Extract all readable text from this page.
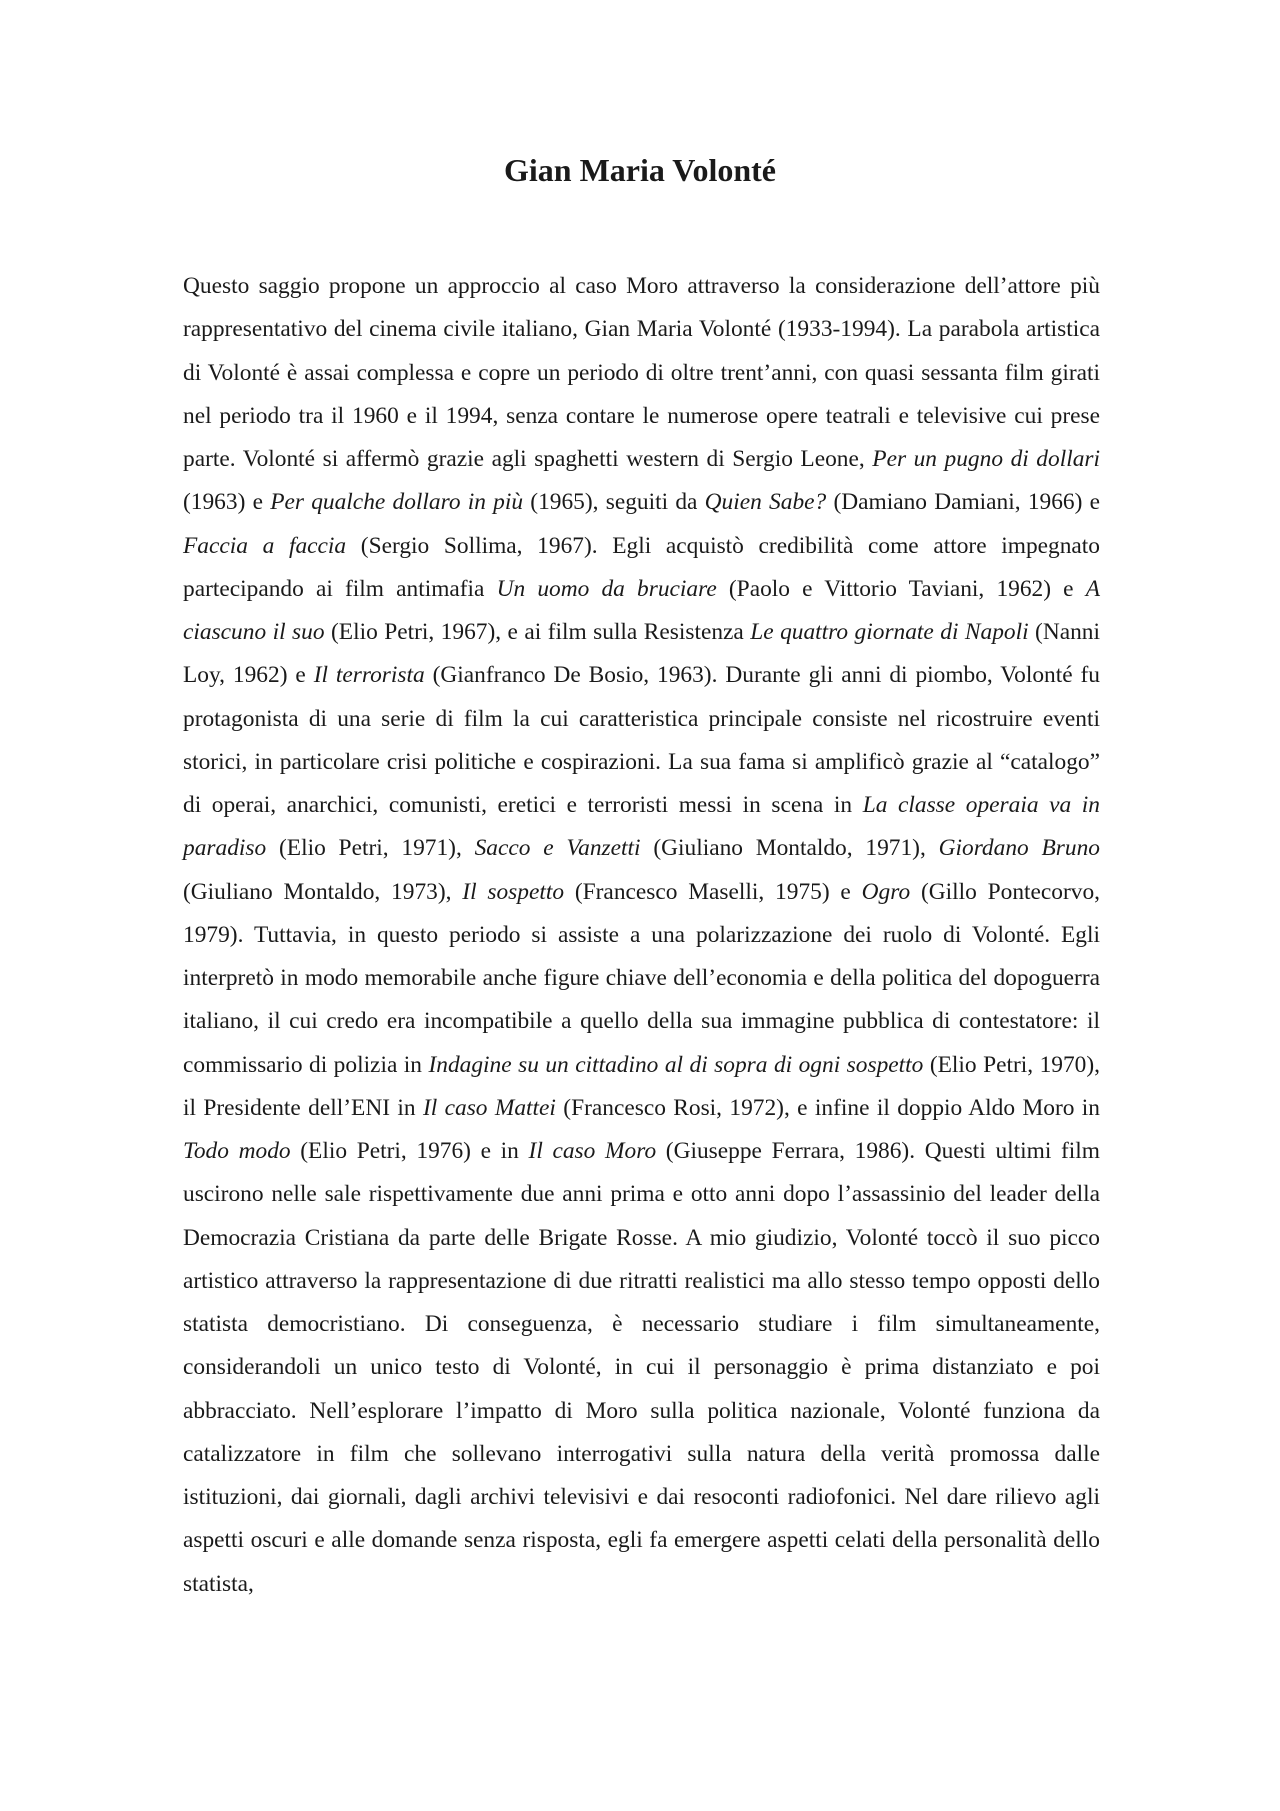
Gian Maria Volonté

Questo saggio propone un approccio al caso Moro attraverso la considerazione dell’attore più rappresentativo del cinema civile italiano, Gian Maria Volonté (1933-1994). La parabola artistica di Volonté è assai complessa e copre un periodo di oltre trent’anni, con quasi sessanta film girati nel periodo tra il 1960 e il 1994, senza contare le numerose opere teatrali e televisive cui prese parte. Volonté si affermò grazie agli spaghetti western di Sergio Leone, Per un pugno di dollari (1963) e Per qualche dollaro in più (1965), seguiti da Quien Sabe? (Damiano Damiani, 1966) e Faccia a faccia (Sergio Sollima, 1967). Egli acquistò credibilità come attore impegnato partecipando ai film antimafia Un uomo da bruciare (Paolo e Vittorio Taviani, 1962) e A ciascuno il suo (Elio Petri, 1967), e ai film sulla Resistenza Le quattro giornate di Napoli (Nanni Loy, 1962) e Il terrorista (Gianfranco De Bosio, 1963). Durante gli anni di piombo, Volonté fu protagonista di una serie di film la cui caratteristica principale consiste nel ricostruire eventi storici, in particolare crisi politiche e cospirazioni. La sua fama si amplificò grazie al “catalogo” di operai, anarchici, comunisti, eretici e terroristi messi in scena in La classe operaia va in paradiso (Elio Petri, 1971), Sacco e Vanzetti (Giuliano Montaldo, 1971), Giordano Bruno (Giuliano Montaldo, 1973), Il sospetto (Francesco Maselli, 1975) e Ogro (Gillo Pontecorvo, 1979). Tuttavia, in questo periodo si assiste a una polarizzazione dei ruolo di Volonté. Egli interpretò in modo memorabile anche figure chiave dell’economia e della politica del dopoguerra italiano, il cui credo era incompatibile a quello della sua immagine pubblica di contestatore: il commissario di polizia in Indagine su un cittadino al di sopra di ogni sospetto (Elio Petri, 1970), il Presidente dell’ENI in Il caso Mattei (Francesco Rosi, 1972), e infine il doppio Aldo Moro in Todo modo (Elio Petri, 1976) e in Il caso Moro (Giuseppe Ferrara, 1986). Questi ultimi film uscirono nelle sale rispettivamente due anni prima e otto anni dopo l’assassinio del leader della Democrazia Cristiana da parte delle Brigate Rosse. A mio giudizio, Volonté toccò il suo picco artistico attraverso la rappresentazione di due ritratti realistici ma allo stesso tempo opposti dello statista democristiano. Di conseguenza, è necessario studiare i film simultaneamente, considerandoli un unico testo di Volonté, in cui il personaggio è prima distanziato e poi abbracciato. Nell’esplorare l’impatto di Moro sulla politica nazionale, Volonté funziona da catalizzatore in film che sollevano interrogativi sulla natura della verità promossa dalle istituzioni, dai giornali, dagli archivi televisivi e dai resoconti radiofonici. Nel dare rilievo agli aspetti oscuri e alle domande senza risposta, egli fa emergere aspetti celati della personalità dello statista,
